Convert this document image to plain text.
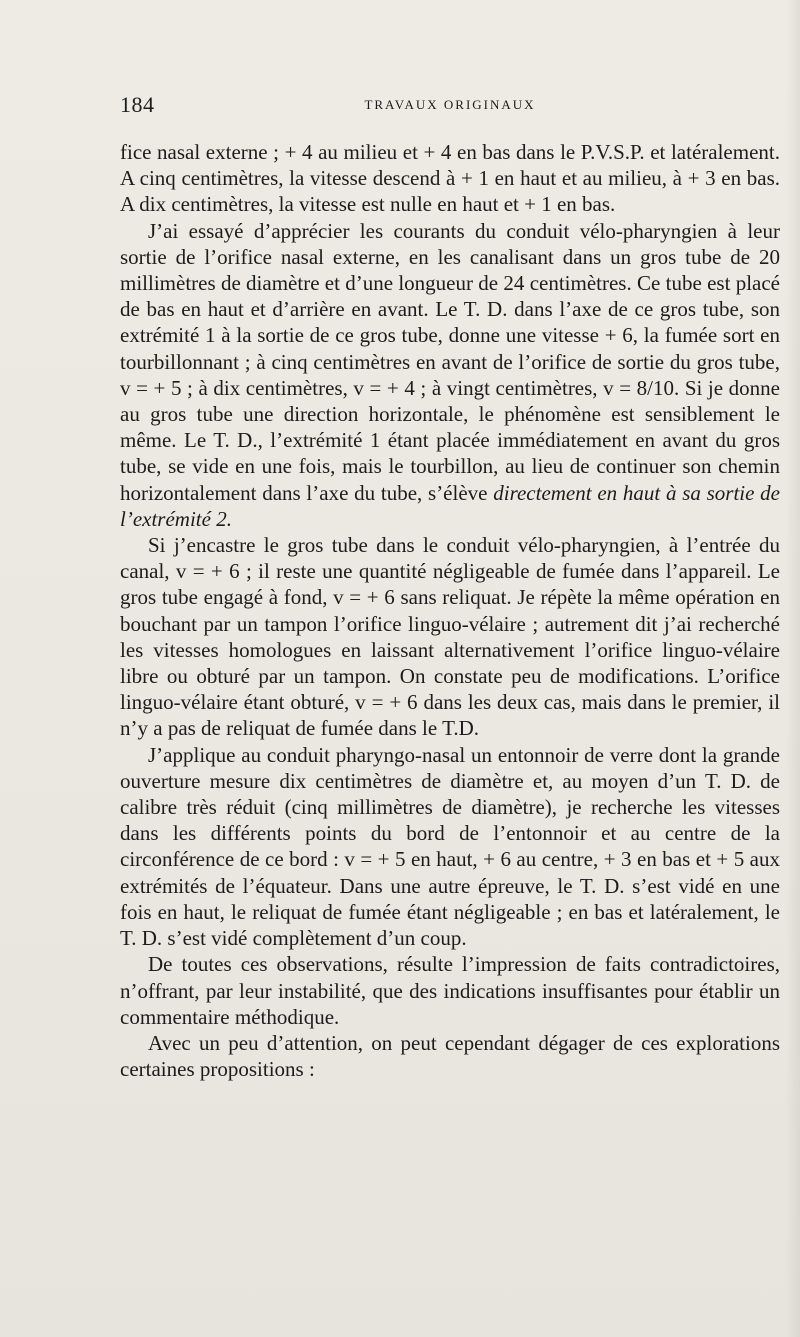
184	TRAVAUX ORIGINAUX

fice nasal externe ; + 4 au milieu et + 4 en bas dans le P.V.S.P. et latéralement. A cinq centimètres, la vitesse descend à + 1 en haut et au milieu, à + 3 en bas. A dix centimètres, la vitesse est nulle en haut et + 1 en bas.

J’ai essayé d’apprécier les courants du conduit vélo-pharyngien à leur sortie de l’orifice nasal externe, en les canalisant dans un gros tube de 20 millimètres de diamètre et d’une longueur de 24 centimètres. Ce tube est placé de bas en haut et d’arrière en avant. Le T. D. dans l’axe de ce gros tube, son extrémité 1 à la sortie de ce gros tube, donne une vitesse + 6, la fumée sort en tourbillonnant ; à cinq centimètres en avant de l’orifice de sortie du gros tube, v = + 5 ; à dix centimètres, v = + 4 ; à vingt centimètres, v = 8/10. Si je donne au gros tube une direction horizontale, le phénomène est sensiblement le même. Le T. D., l’extrémité 1 étant placée immédiatement en avant du gros tube, se vide en une fois, mais le tourbillon, au lieu de continuer son chemin horizontalement dans l’axe du tube, s’élève directement en haut à sa sortie de l’extrémité 2.

Si j’encastre le gros tube dans le conduit vélo-pharyngien, à l’entrée du canal, v = + 6 ; il reste une quantité négligeable de fumée dans l’appareil. Le gros tube engagé à fond, v = + 6 sans reliquat. Je répète la même opération en bouchant par un tampon l’orifice linguo-vélaire ; autrement dit j’ai recherché les vitesses homologues en laissant alternativement l’orifice linguo-vélaire libre ou obturé par un tampon. On constate peu de modifications. L’orifice linguo-vélaire étant obturé, v = + 6 dans les deux cas, mais dans le premier, il n’y a pas de reliquat de fumée dans le T.D.

J’applique au conduit pharyngo-nasal un entonnoir de verre dont la grande ouverture mesure dix centimètres de diamètre et, au moyen d’un T. D. de calibre très réduit (cinq millimètres de diamètre), je recherche les vitesses dans les différents points du bord de l’entonnoir et au centre de la circonférence de ce bord : v = + 5 en haut, + 6 au centre, + 3 en bas et + 5 aux extrémités de l’équateur. Dans une autre épreuve, le T. D. s’est vidé en une fois en haut, le reliquat de fumée étant négligeable ; en bas et latéralement, le T. D. s’est vidé complètement d’un coup.

De toutes ces observations, résulte l’impression de faits contradictoires, n’offrant, par leur instabilité, que des indications insuffisantes pour établir un commentaire méthodique.

Avec un peu d’attention, on peut cependant dégager de ces explorations certaines propositions :
